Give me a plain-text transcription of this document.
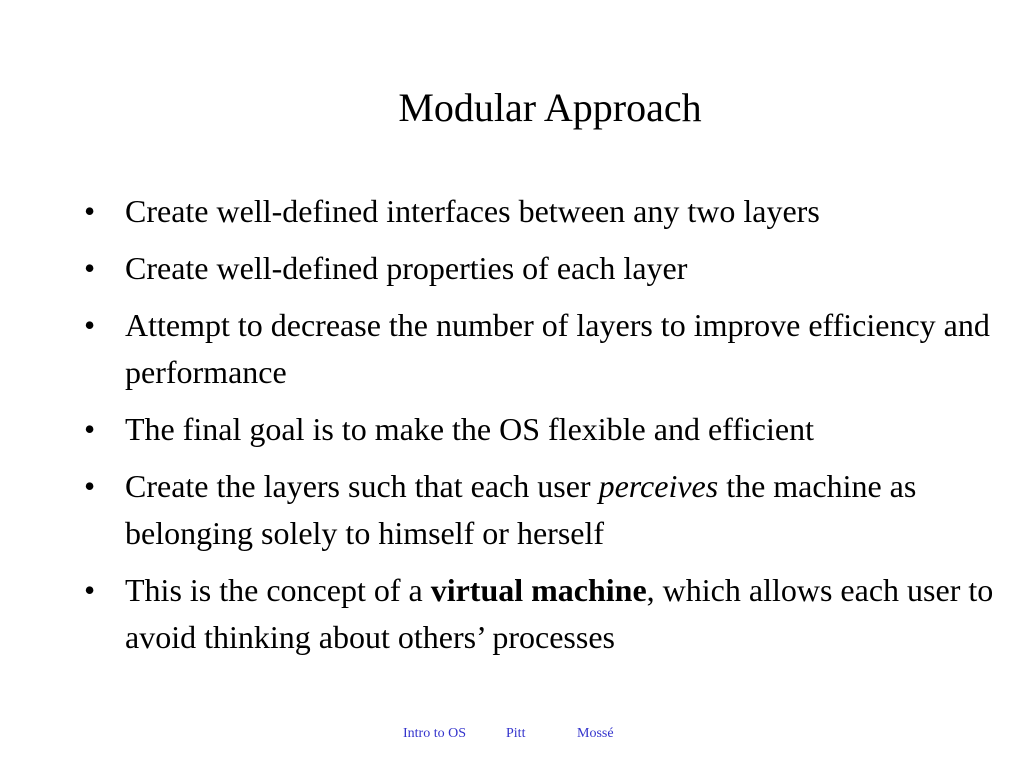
Modular Approach
• Create well-defined interfaces between any two layers
• Create well-defined properties of each layer
• Attempt to decrease the number of layers to improve efficiency and performance
• The final goal is to make the OS flexible and efficient
• Create the layers such that each user perceives the machine as belonging solely to himself or herself
• This is the concept of a virtual machine, which allows each user to avoid thinking about others’ processes
Intro to OS	Pitt	Mossé
